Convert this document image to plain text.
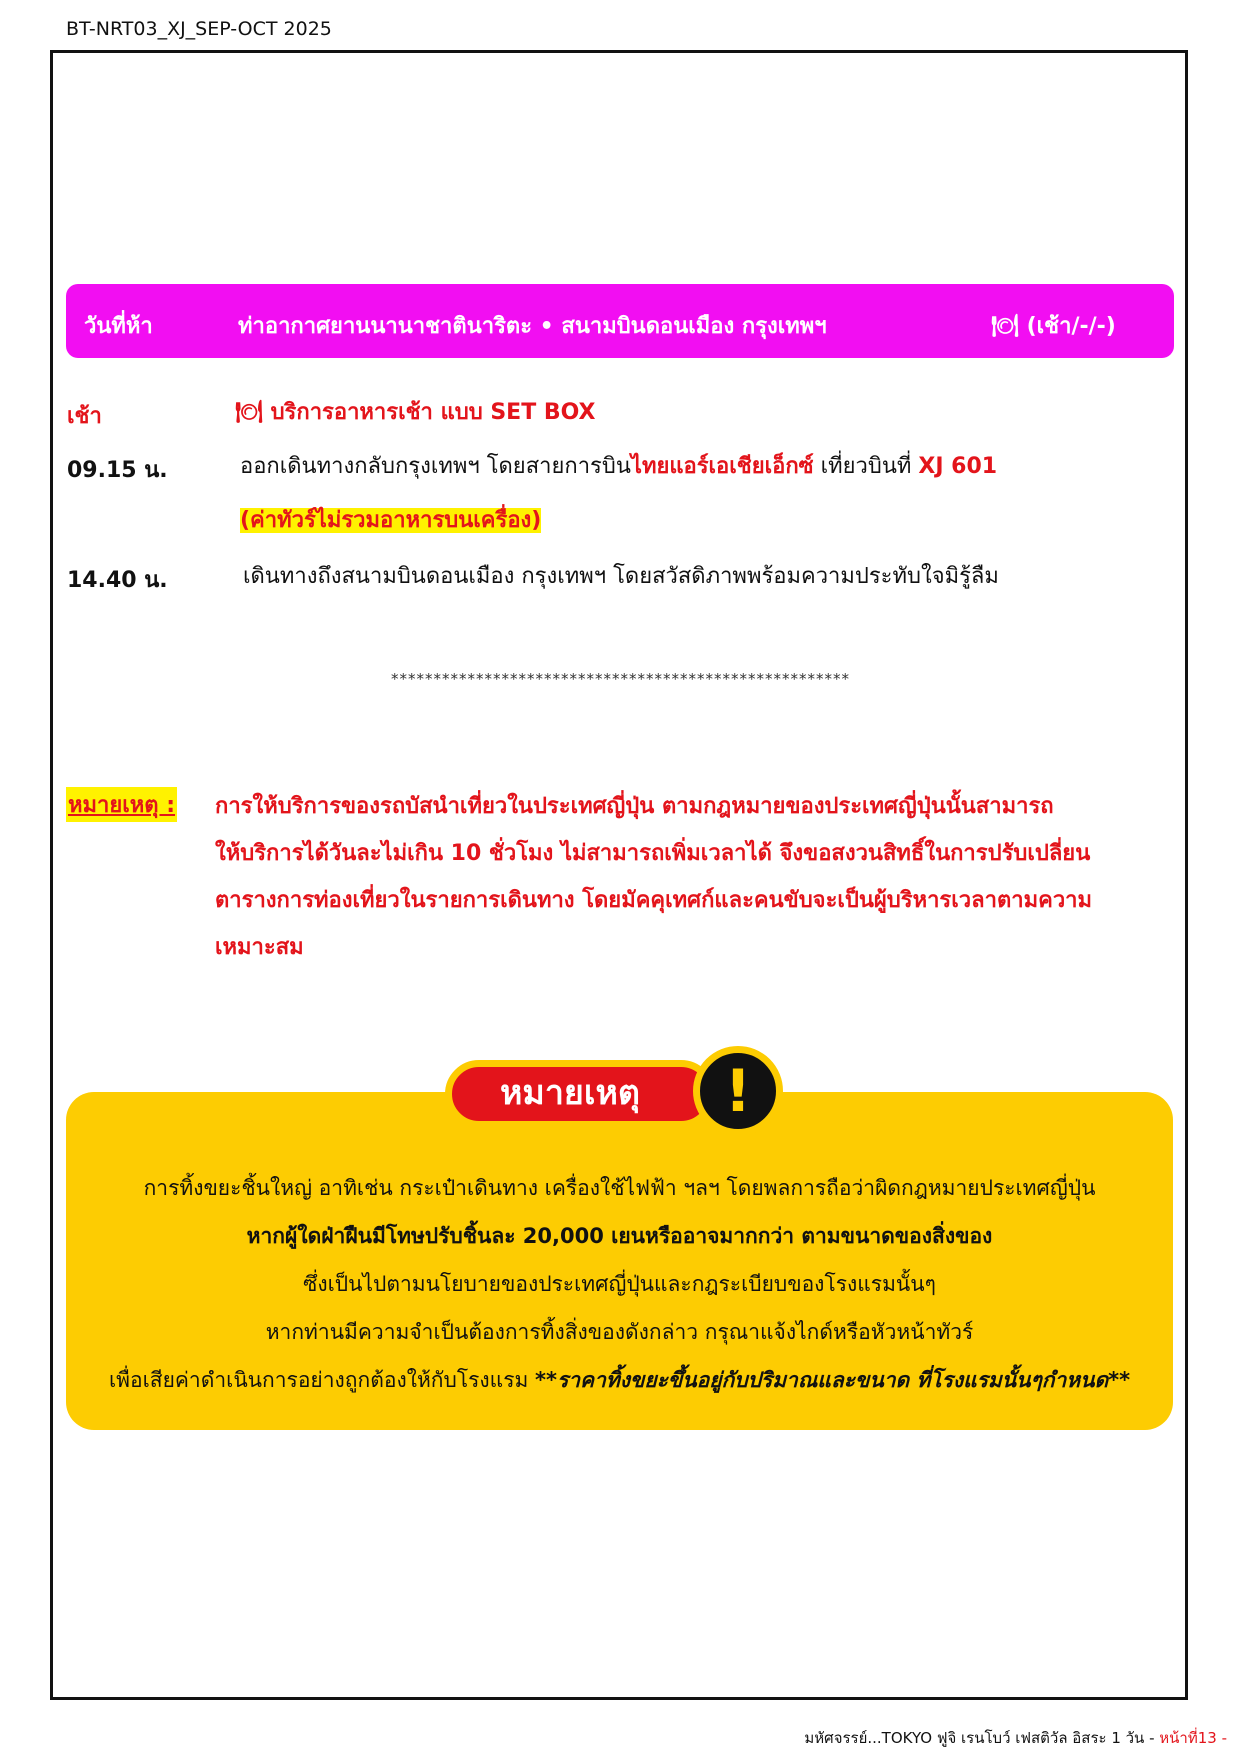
BT-NRT03_XJ_SEP-OCT 2025
วันที่ห้า	ท่าอากาศยานนานาชาตินาริตะ • สนามบินดอนเมือง กรุงเทพฯ	🍽 (เช้า/-/-)
เช้า	🍽 บริการอาหารเช้า แบบ SET BOX
09.15 น.	ออกเดินทางกลับกรุงเทพฯ โดยสายการบินไทยแอร์เอเชียเอ็กซ์ เที่ยวบินที่ XJ 601
(ค่าทัวร์ไม่รวมอาหารบนเครื่อง)
14.40 น.	เดินทางถึงสนามบินดอนเมือง กรุงเทพฯ โดยสวัสดิภาพพร้อมความประทับใจมิรู้ลืม
******************************************************
หมายเหตุ : การให้บริการของรถบัสนำเที่ยวในประเทศญี่ปุ่น ตามกฎหมายของประเทศญี่ปุ่นนั้นสามารถ
ให้บริการได้วันละไม่เกิน 10 ชั่วโมง ไม่สามารถเพิ่มเวลาได้ จึงขอสงวนสิทธิ์ในการปรับเปลี่ยน
ตารางการท่องเที่ยวในรายการเดินทาง โดยมัคคุเทศก์และคนขับจะเป็นผู้บริหารเวลาตามความ
เหมาะสม
การทิ้งขยะชิ้นใหญ่ อาทิเช่น กระเป๋าเดินทาง เครื่องใช้ไฟฟ้า ฯลฯ โดยพลการถือว่าผิดกฎหมายประเทศญี่ปุ่น
หากผู้ใดฝ่าฝืนมีโทษปรับชิ้นละ 20,000 เยนหรืออาจมากกว่า ตามขนาดของสิ่งของ
ซึ่งเป็นไปตามนโยบายของประเทศญี่ปุ่นและกฎระเบียบของโรงแรมนั้นๆ
หากท่านมีความจำเป็นต้องการทิ้งสิ่งของดังกล่าว กรุณาแจ้งไกด์หรือหัวหน้าทัวร์
เพื่อเสียค่าดำเนินการอย่างถูกต้องให้กับโรงแรม **ราคาทิ้งขยะขึ้นอยู่กับปริมาณและขนาด ที่โรงแรมนั้นๆกำหนด**
หมายเหตุ	!
มหัศจรรย์...TOKYO ฟูจิ เรนโบว์ เฟสติวัล อิสระ 1 วัน - หน้าที่13 -
